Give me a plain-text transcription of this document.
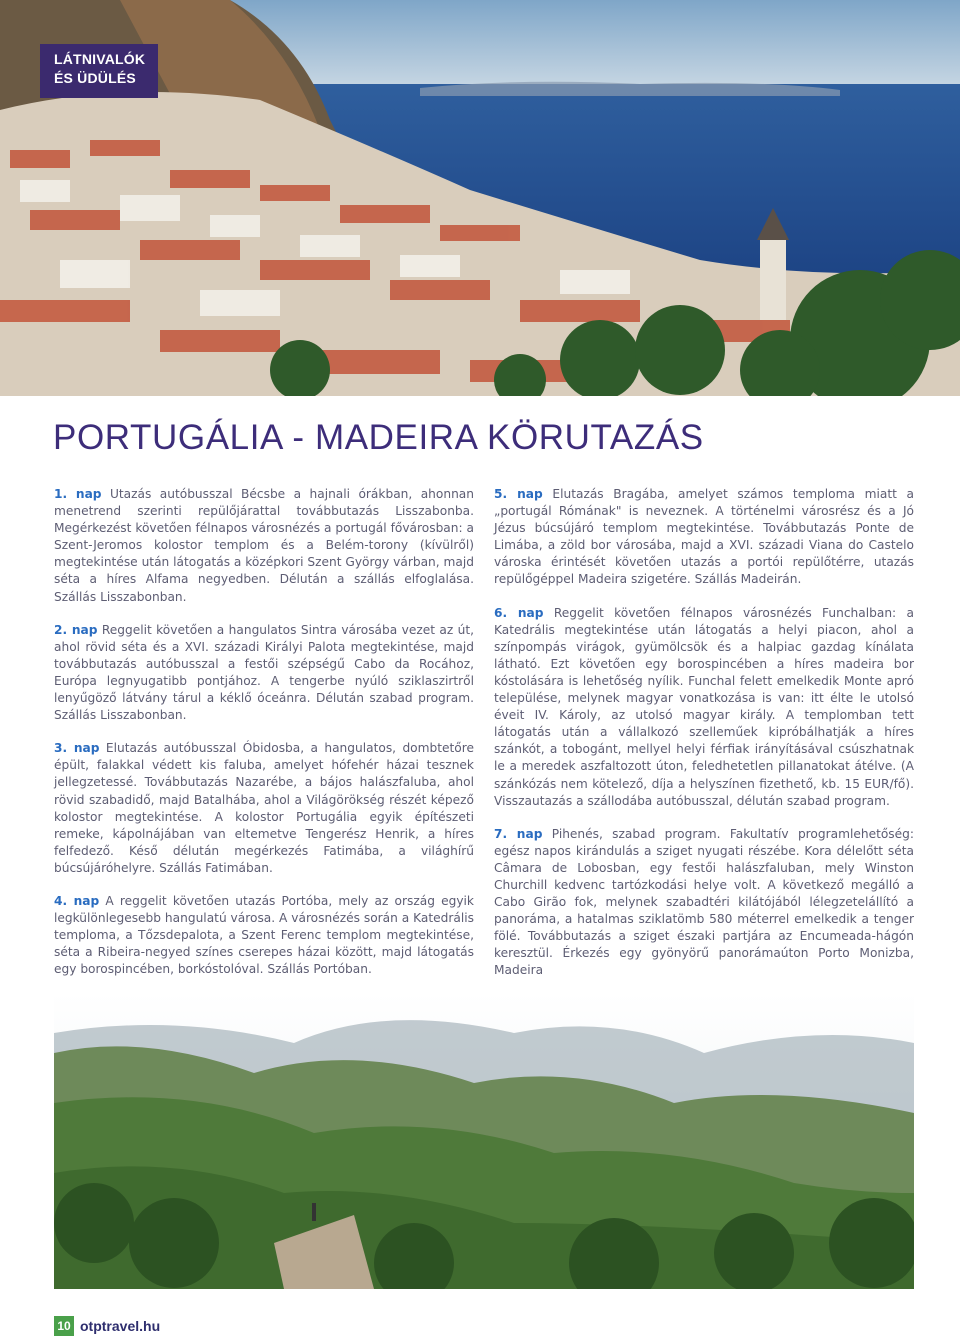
LÁTNIVALÓK
ÉS ÜDÜLÉS
PORTUGÁLIA - MADEIRA KÖRUTAZÁS

1. nap Utazás autóbusszal Bécsbe a hajnali órákban, ahonnan menetrend szerinti repülőjárattal továbbutazás Lisszabonba. Megérkezést követően félnapos városnézés a portugál fővárosban: a Szent-Jeromos kolostor templom és a Belém-torony (kívülről) megtekintése után látogatás a középkori Szent György várban, majd séta a híres Alfama negyedben. Délután a szállás elfoglalása. Szállás Lisszabonban.

2. nap Reggelit követően a hangulatos Sintra városába vezet az út, ahol rövid séta és a XVI. századi Királyi Palota megtekintése, majd továbbutazás autóbusszal a festői szépségű Cabo da Rocához, Európa legnyugatibb pontjához. A tengerbe nyúló sziklaszirtről lenyűgöző látvány tárul a kéklő óceánra. Délután szabad program. Szállás Lisszabonban.

3. nap Elutazás autóbusszal Óbidosba, a hangulatos, dombtetőre épült, falakkal védett kis faluba, amelyet hófehér házai tesznek jellegzetessé. Továbbutazás Nazarébe, a bájos halászfaluba, ahol rövid szabadidő, majd Batalhába, ahol a Világörökség részét képező kolostor megtekintése. A kolostor Portugália egyik építészeti remeke, kápolnájában van eltemetve Tengerész Henrik, a híres felfedező. Késő délután megérkezés Fatimába, a világhírű búcsújáróhelyre. Szállás Fatimában.

4. nap A reggelit követően utazás Portóba, mely az ország egyik legkülönlegesebb hangulatú városa. A városnézés során a Katedrális temploma, a Tőzsdepalota, a Szent Ferenc templom megtekintése, séta a Ribeira-negyed színes cserepes házai között, majd látogatás egy borospincében, borkóstolóval. Szállás Portóban.

5. nap Elutazás Bragába, amelyet számos temploma miatt a „portugál Rómának" is neveznek. A történelmi városrész és a Jó Jézus búcsújáró templom megtekintése. Továbbutazás Ponte de Limába, a zöld bor városába, majd a XVI. századi Viana do Castelo városka érintését követően utazás a portói repülőtérre, utazás repülőgéppel Madeira szigetére. Szállás Madeirán.

6. nap Reggelit követően félnapos városnézés Funchalban: a Katedrális megtekintése után látogatás a helyi piacon, ahol a színpompás virágok, gyümölcsök és a halpiac gazdag kínálata látható. Ezt követően egy borospincében a híres madeira bor kóstolására is lehetőség nyílik. Funchal felett emelkedik Monte apró települése, melynek magyar vonatkozása is van: itt élte le utolsó éveit IV. Károly, az utolsó magyar király. A templomban tett látogatás után a vállalkozó szelleműek kipróbálhatják a híres szánkót, a tobogánt, mellyel helyi férfiak irányításával csúszhatnak le a meredek aszfaltozott úton, feledhetetlen pillanatokat átélve. (A szánkózás nem kötelező, díja a helyszínen fizethető, kb. 15 EUR/fő). Visszautazás a szállodába autóbusszal, délután szabad program.

7. nap Pihenés, szabad program. Fakultatív programlehetőség: egész napos kirándulás a sziget nyugati részébe. Kora délelőtt séta Câmara de Lobosban, egy festői halászfaluban, mely Winston Churchill kedvenc tartózkodási helye volt. A következő megálló a Cabo Girão fok, melynek szabadtéri kilátójából lélegzetelállító a panoráma, a hatalmas sziklatömb 580 méterrel emelkedik a tenger fölé. Továbbutazás a sziget északi partjára az Encumeada-hágón keresztül. Érkezés egy gyönyörű panorámaúton Porto Monizba, Madeira

10 otptravel.hu
